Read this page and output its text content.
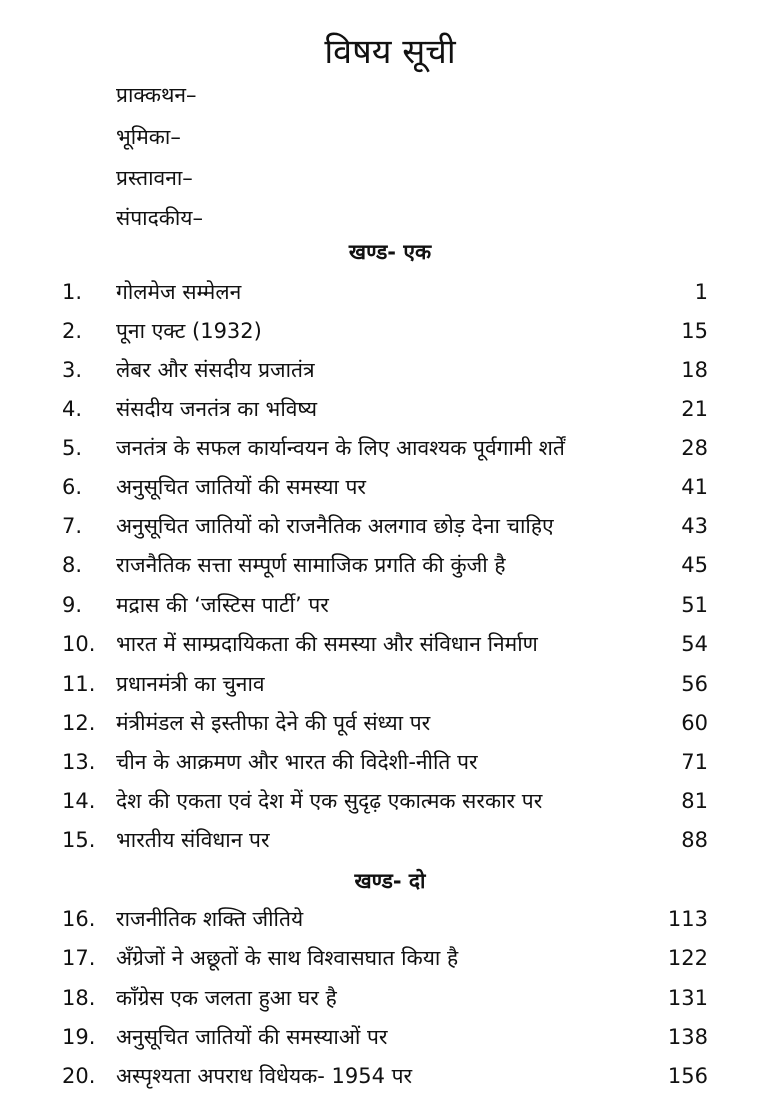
विषय सूची
प्राक्कथन–
भूमिका–
प्रस्तावना–
संपादकीय–
खण्ड- एक
1. गोलमेज सम्मेलन	1
2. पूना एक्ट (1932)	15
3. लेबर और संसदीय प्रजातंत्र	18
4. संसदीय जनतंत्र का भविष्य	21
5. जनतंत्र के सफल कार्यान्वयन के लिए आवश्यक पूर्वगामी शर्तें	28
6. अनुसूचित जातियों की समस्या पर	41
7. अनुसूचित जातियों को राजनैतिक अलगाव छोड़ देना चाहिए	43
8. राजनैतिक सत्ता सम्पूर्ण सामाजिक प्रगति की कुंजी है	45
9. मद्रास की ‘जस्टिस पार्टी’ पर	51
10. भारत में साम्प्रदायिकता की समस्या और संविधान निर्माण	54
11. प्रधानमंत्री का चुनाव	56
12. मंत्रीमंडल से इस्तीफा देने की पूर्व संध्या पर	60
13. चीन के आक्रमण और भारत की विदेशी-नीति पर	71
14. देश की एकता एवं देश में एक सुदृढ़ एकात्मक सरकार पर	81
15. भारतीय संविधान पर	88
खण्ड- दो
16. राजनीतिक शक्ति जीतिये	113
17. अँग्रेजों ने अछूतों के साथ विश्वासघात किया है	122
18. काँग्रेस एक जलता हुआ घर है	131
19. अनुसूचित जातियों की समस्याओं पर	138
20. अस्पृश्यता अपराध विधेयक- 1954 पर	156
